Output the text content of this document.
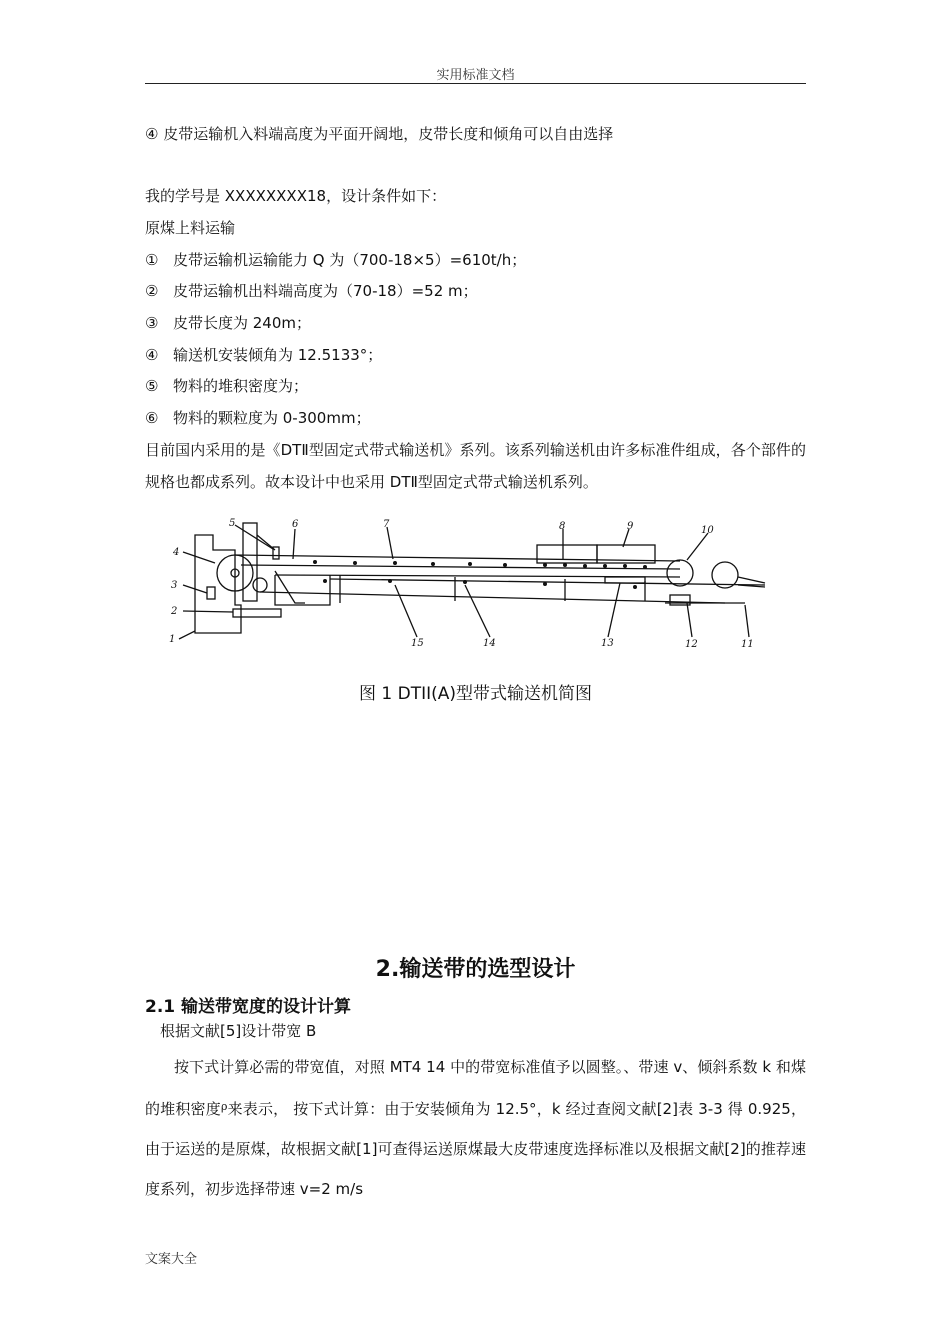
实用标准文档
④ 皮带运输机入料端高度为平面开阔地，皮带长度和倾角可以自由选择
我的学号是 XXXXXXXX18，设计条件如下：
原煤上料运输
① 皮带运输机运输能力 Q 为（700-18×5）=610t/h；
② 皮带运输机出料端高度为（70-18）=52 m；
③ 皮带长度为 240m；
④ 输送机安装倾角为 12.5133°；
⑤ 物料的堆积密度为；
⑥ 物料的颗粒度为 0-300mm；
目前国内采用的是《DTⅡ型固定式带式输送机》系列。该系列输送机由许多标准件组成，各个部件的规格也都成系列。故本设计中也采用 DTⅡ型固定式带式输送机系列。
1
2
3
4
5	6	7	8	9	10
11
12
13
14
15
图 1 DTII(A)型带式输送机简图
2.输送带的选型设计
2.1 输送带宽度的设计计算
根据文献[5]设计带宽 B
按下式计算必需的带宽值，对照 MT4 14 中的带宽标准值予以圆整。、带速 v、倾斜系数 k 和煤的堆积密度$^\rho$来表示， 按下式计算：由于安装倾角为 12.5°，k 经过查阅文献[2]表 3-3 得 0.925，由于运送的是原煤，故根据文献[1]可查得运送原煤最大皮带速度选择标准以及根据文献[2]的推荐速度系列，初步选择带速 v=2 m/s
文案大全
